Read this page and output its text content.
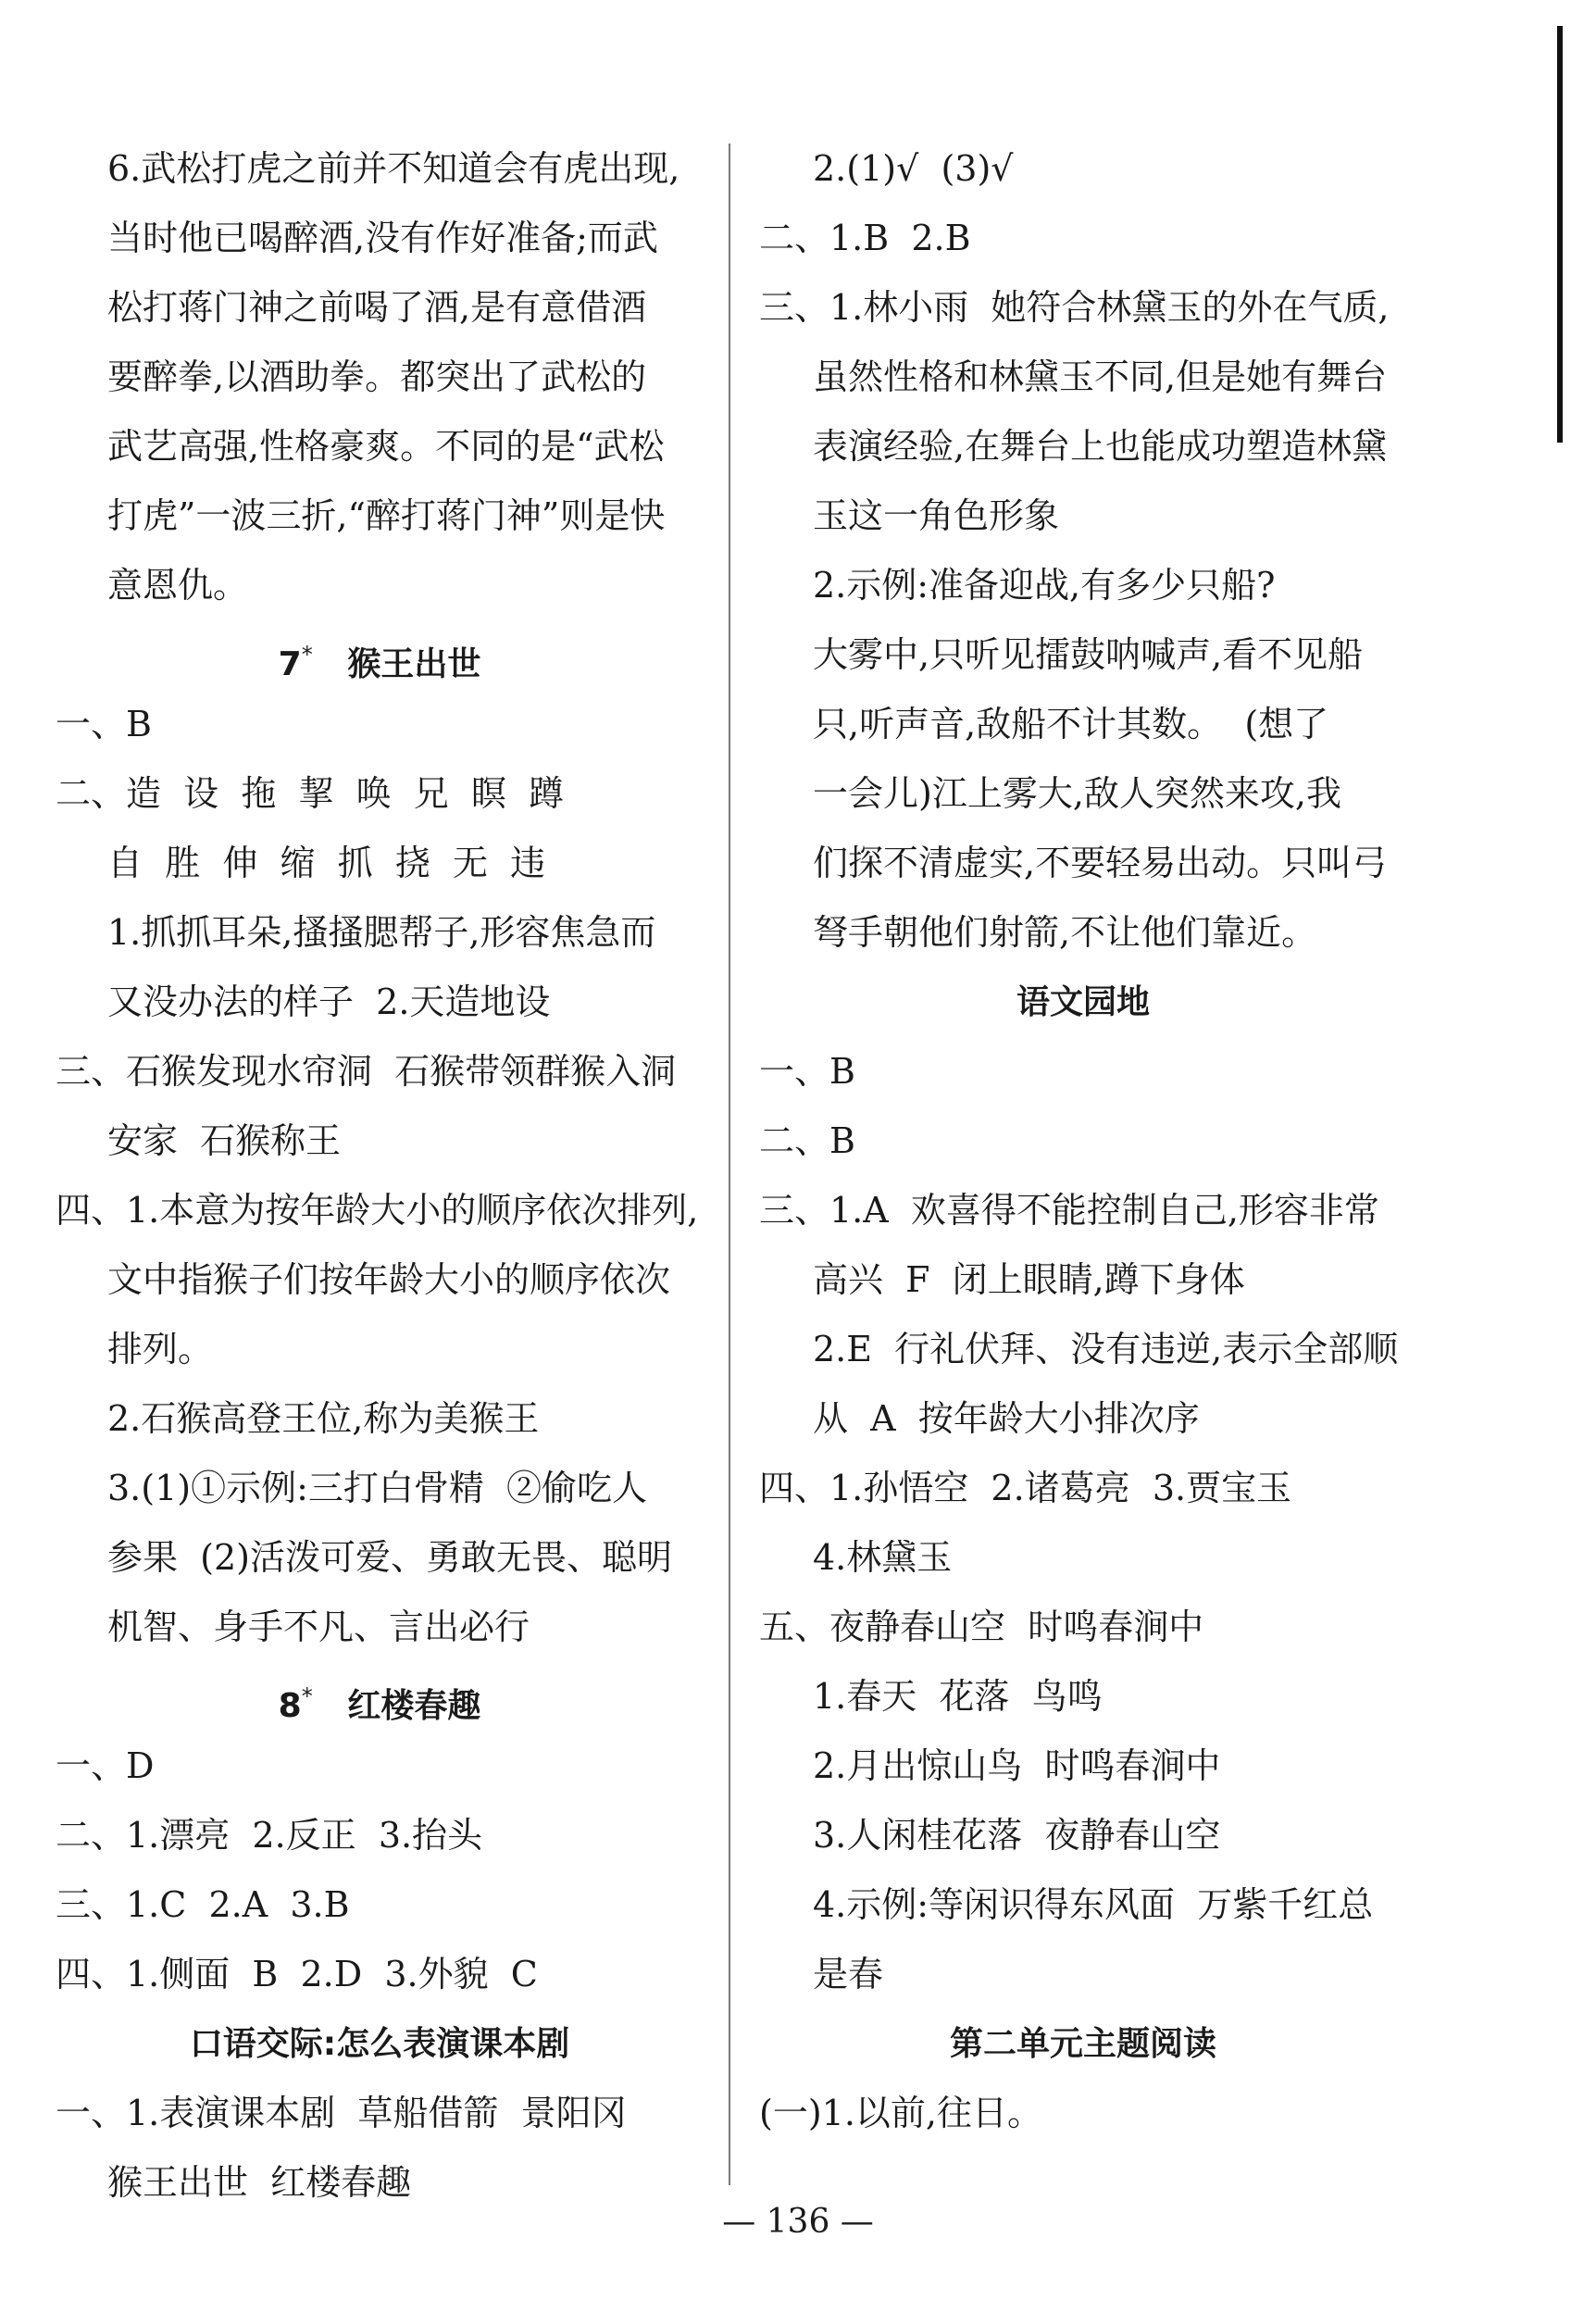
6.武松打虎之前并不知道会有虎出现,
当时他已喝醉酒,没有作好准备;而武
松打蒋门神之前喝了酒,是有意借酒
要醉拳,以酒助拳。都突出了武松的
武艺高强,性格豪爽。不同的是“武松
打虎”一波三折,“醉打蒋门神”则是快
意恩仇。
7* 猴王出世
一、B
二、造  设  拖  挈  唤  兄  瞑  蹲
自  胜  伸  缩  抓  挠  无  违
1.抓抓耳朵,搔搔腮帮子,形容焦急而
又没办法的样子  2.天造地设
三、石猴发现水帘洞  石猴带领群猴入洞
安家  石猴称王
四、1.本意为按年龄大小的顺序依次排列,
文中指猴子们按年龄大小的顺序依次
排列。
2.石猴高登王位,称为美猴王
3.(1)①示例:三打白骨精  ②偷吃人
参果  (2)活泼可爱、勇敢无畏、聪明
机智、身手不凡、言出必行
8* 红楼春趣
一、D
二、1.漂亮  2.反正  3.抬头
三、1.C  2.A  3.B
四、1.侧面  B  2.D  3.外貌  C
口语交际:怎么表演课本剧
一、1.表演课本剧  草船借箭  景阳冈
猴王出世  红楼春趣
2.(1)√  (3)√
二、1.B  2.B
三、1.林小雨  她符合林黛玉的外在气质,
虽然性格和林黛玉不同,但是她有舞台
表演经验,在舞台上也能成功塑造林黛
玉这一角色形象
2.示例:准备迎战,有多少只船?
大雾中,只听见擂鼓呐喊声,看不见船
只,听声音,敌船不计其数。  (想了
一会儿)江上雾大,敌人突然来攻,我
们探不清虚实,不要轻易出动。只叫弓
弩手朝他们射箭,不让他们靠近。
语文园地
一、B
二、B
三、1.A  欢喜得不能控制自己,形容非常
高兴  F  闭上眼睛,蹲下身体
2.E  行礼伏拜、没有违逆,表示全部顺
从  A  按年龄大小排次序
四、1.孙悟空  2.诸葛亮  3.贾宝玉
4.林黛玉
五、夜静春山空  时鸣春涧中
1.春天  花落  鸟鸣
2.月出惊山鸟  时鸣春涧中
3.人闲桂花落  夜静春山空
4.示例:等闲识得东风面  万紫千红总
是春
第二单元主题阅读
(一)1.以前,往日。
— 136 —
